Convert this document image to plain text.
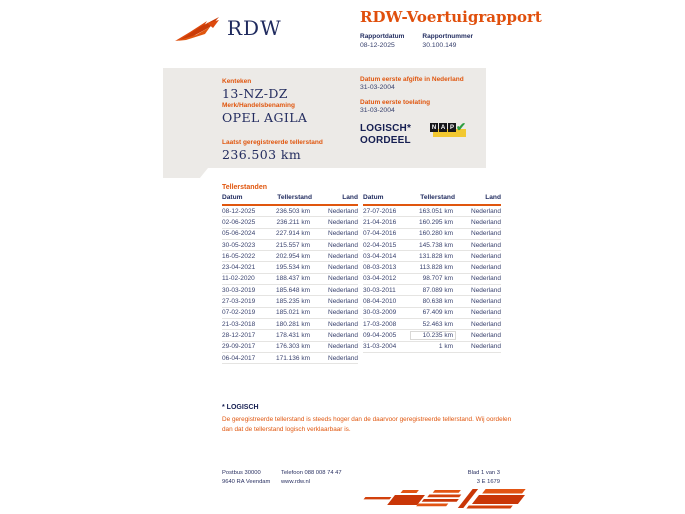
RDW	RDW-Voertuigrapport
Rapportdatum
08-12-2025
Rapportnummer
30.100.149
Kenteken
13-NZ-DZ
Merk/Handelsbenaming
OPEL AGILA
Laatst geregistreerde tellerstand
236.503 km
Datum eerste afgifte in Nederland
31-03-2004
Datum eerste toelating
31-03-2004
LOGISCH*
OORDEEL
N A P ✔
Tellerstanden
Datum	Tellerstand	Land
08-12-2025	236.503 km	Nederland
02-06-2025	236.211 km	Nederland
05-06-2024	227.914 km	Nederland
30-05-2023	215.557 km	Nederland
16-05-2022	202.954 km	Nederland
23-04-2021	195.534 km	Nederland
11-02-2020	188.437 km	Nederland
30-03-2019	185.648 km	Nederland
27-03-2019	185.235 km	Nederland
07-02-2019	185.021 km	Nederland
21-03-2018	180.281 km	Nederland
28-12-2017	178.431 km	Nederland
29-09-2017	176.303 km	Nederland
06-04-2017	171.136 km	Nederland
Datum	Tellerstand	Land
27-07-2016	163.051 km	Nederland
21-04-2016	160.295 km	Nederland
07-04-2016	160.280 km	Nederland
02-04-2015	145.738 km	Nederland
03-04-2014	131.828 km	Nederland
08-03-2013	113.828 km	Nederland
03-04-2012	98.707 km	Nederland
30-03-2011	87.089 km	Nederland
08-04-2010	80.638 km	Nederland
30-03-2009	67.409 km	Nederland
17-03-2008	52.463 km	Nederland
09-04-2005	10.235 km	Nederland
31-03-2004	1 km	Nederland
* LOGISCH
De geregistreerde tellerstand is steeds hoger dan de daarvoor geregistreerde tellerstand. Wij oordelen dan dat de tellerstand logisch verklaarbaar is.
Postbus 30000
9640 RA Veendam
Telefoon 088 008 74 47
www.rdw.nl
Blad 1 van 3
3 E 1679
